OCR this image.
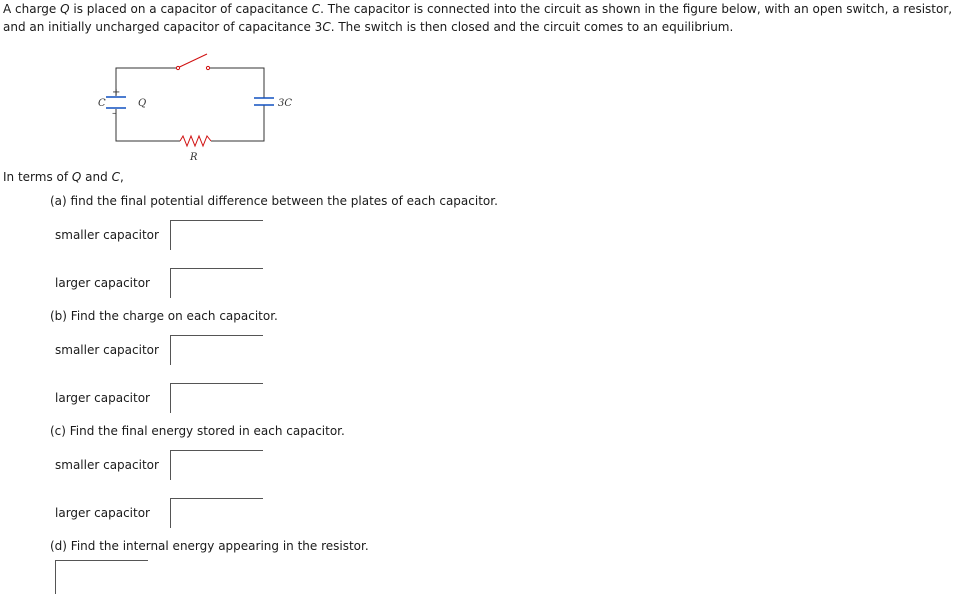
A charge Q is placed on a capacitor of capacitance C. The capacitor is connected into the circuit as shown in the figure below, with an open switch, a resistor, and an initially uncharged capacitor of capacitance 3C. The switch is then closed and the circuit comes to an equilibrium.
C	Q
+
–
3C
R
In terms of Q and C,
(a) find the final potential difference between the plates of each capacitor.
smaller capacitor
larger capacitor
(b) Find the charge on each capacitor.
smaller capacitor
larger capacitor
(c) Find the final energy stored in each capacitor.
smaller capacitor
larger capacitor
(d) Find the internal energy appearing in the resistor.
